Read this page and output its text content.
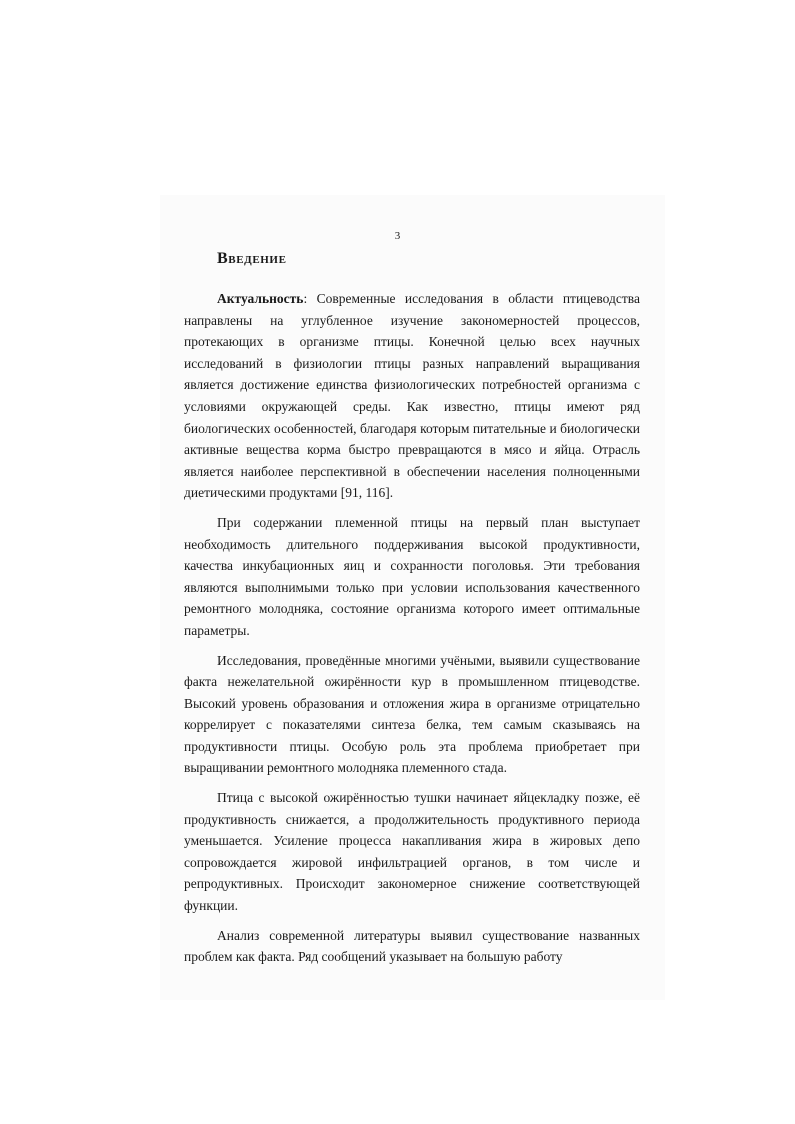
3
Введение

Актуальность: Современные исследования в области птицеводства направлены на углубленное изучение закономерностей процессов, протекающих в организме птицы. Конечной целью всех научных исследований в физиологии птицы разных направлений выращивания является достижение единства физиологических потребностей организма с условиями окружающей среды. Как известно, птицы имеют ряд биологических особенностей, благодаря которым питательные и биологически активные вещества корма быстро превращаются в мясо и яйца. Отрасль является наиболее перспективной в обеспечении населения полноценными диетическими продуктами [91, 116].

При содержании племенной птицы на первый план выступает необходимость длительного поддерживания высокой продуктивности, качества инкубационных яиц и сохранности поголовья. Эти требования являются выполнимыми только при условии использования качественного ремонтного молодняка, состояние организма которого имеет оптимальные параметры.

Исследования, проведённые многими учёными, выявили существование факта нежелательной ожирённости кур в промышленном птицеводстве. Высокий уровень образования и отложения жира в организме отрицательно коррелирует с показателями синтеза белка, тем самым сказываясь на продуктивности птицы. Особую роль эта проблема приобретает при выращивании ремонтного молодняка племенного стада.

Птица с высокой ожирённостью тушки начинает яйцекладку позже, её продуктивность снижается, а продолжительность продуктивного периода уменьшается. Усиление процесса накапливания жира в жировых депо сопровождается жировой инфильтрацией органов, в том числе и репродуктивных. Происходит закономерное снижение соответствующей функции.

Анализ современной литературы выявил существование названных проблем как факта. Ряд сообщений указывает на большую работу
